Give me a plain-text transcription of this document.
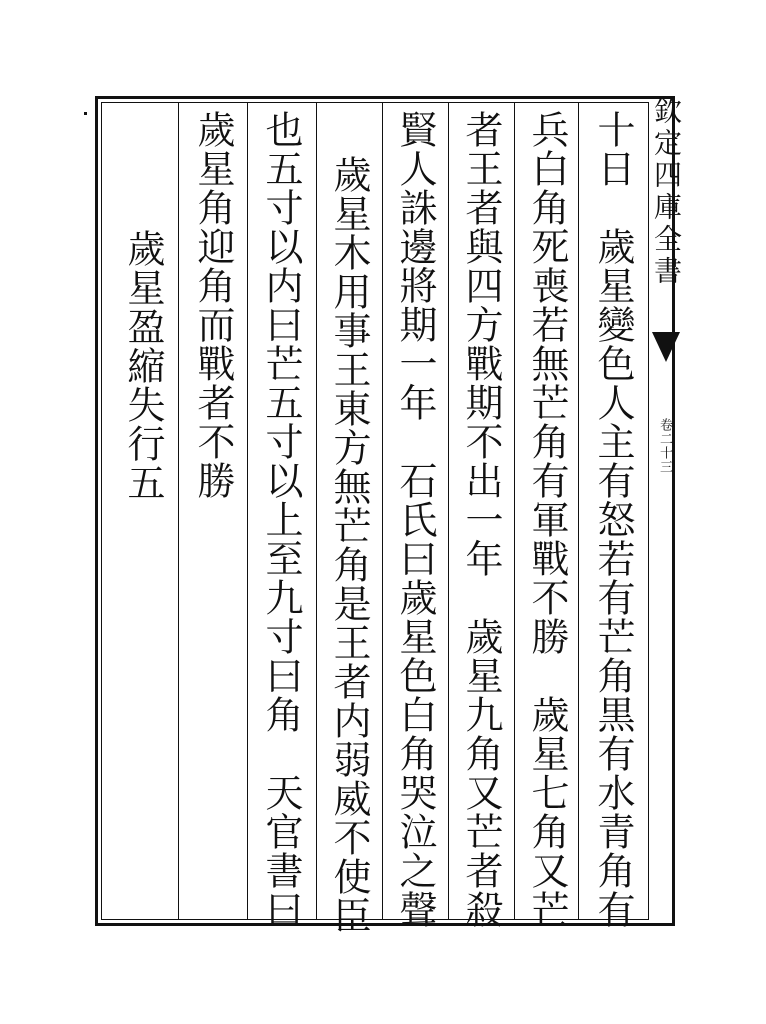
欽定四庫全書
卷二十三
十日　歲星變色人主有怒若有芒角黒有水青角有
兵白角死喪若無芒角有軍戰不勝　歲星七角又芒
者王者與四方戰期不出一年　歲星九角又芒者殺
賢人誅邊將期一年　石氏曰歲星色白角哭泣之聲
歲星木用事王東方無芒角是王者内弱威不使臣
也五寸以内曰芒五寸以上至九寸曰角　天官書曰
歲星角迎角而戰者不勝
　歲星盈縮失行五
